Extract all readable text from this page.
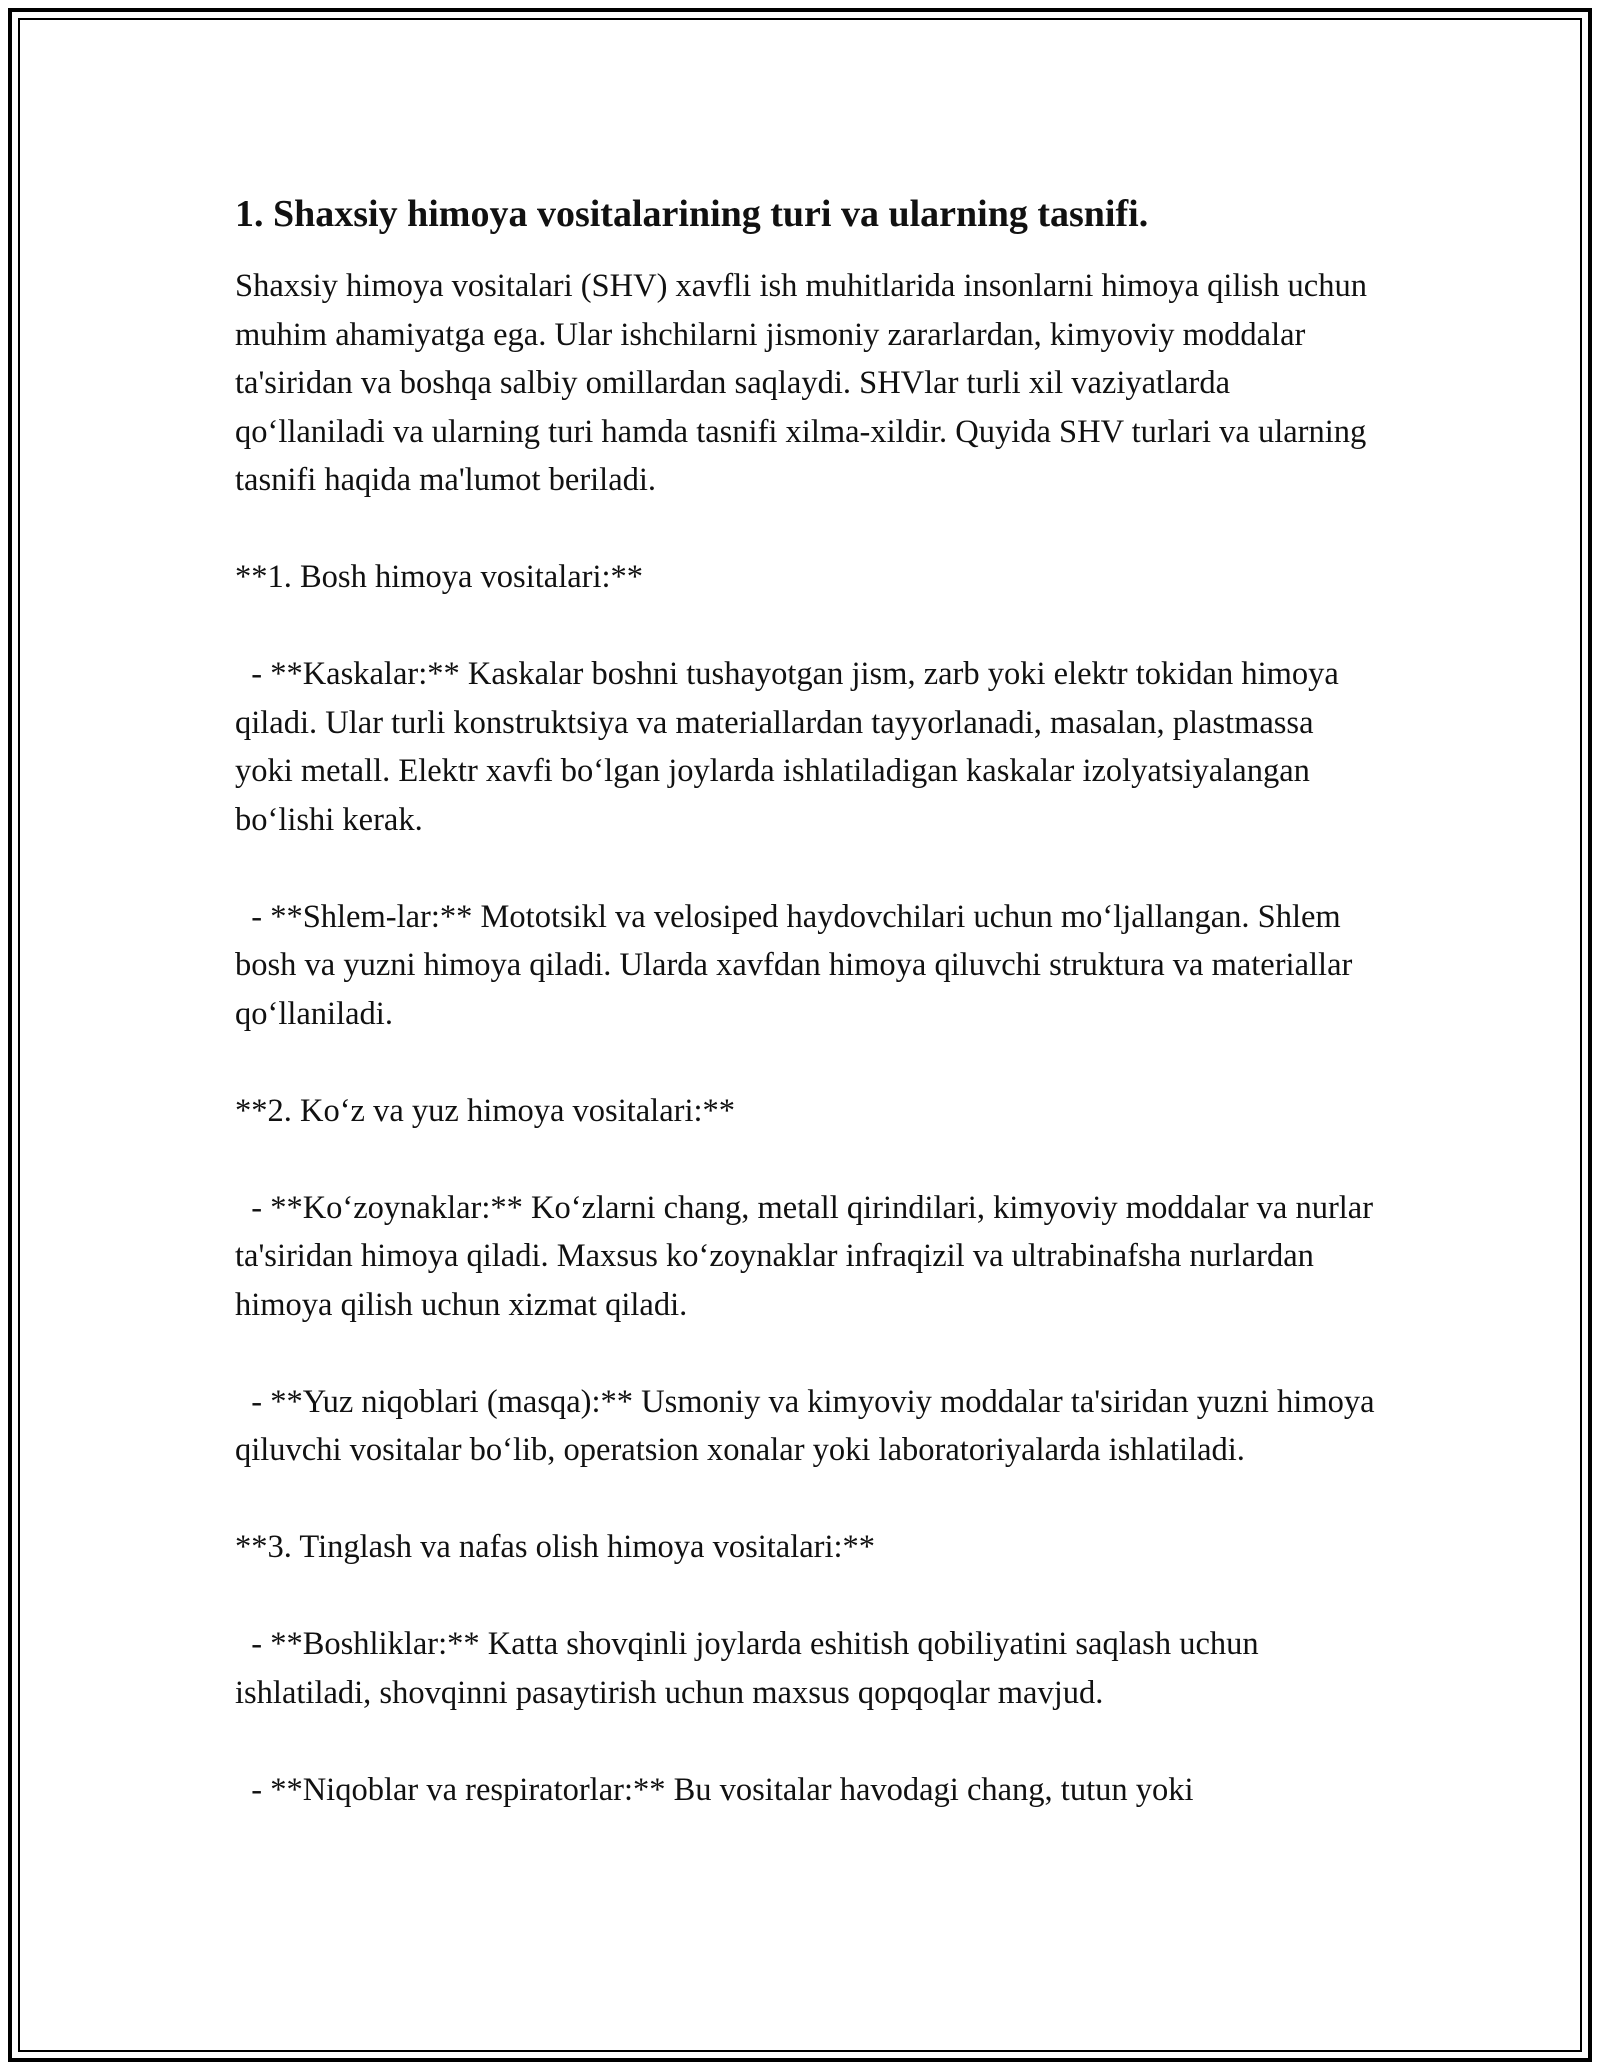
1. Shaxsiy himoya vositalarining turi va ularning tasnifi.

Shaxsiy himoya vositalari (SHV) xavfli ish muhitlarida insonlarni himoya qilish uchun muhim ahamiyatga ega. Ular ishchilarni jismoniy zararlardan, kimyoviy moddalar ta'siridan va boshqa salbiy omillardan saqlaydi. SHVlar turli xil vaziyatlarda qo‘llaniladi va ularning turi hamda tasnifi xilma-xildir. Quyida SHV turlari va ularning tasnifi haqida ma'lumot beriladi.

**1. Bosh himoya vositalari:**

- **Kaskalar:** Kaskalar boshni tushayotgan jism, zarb yoki elektr tokidan himoya qiladi. Ular turli konstruktsiya va materiallardan tayyorlanadi, masalan, plastmassa yoki metall. Elektr xavfi bo‘lgan joylarda ishlatiladigan kaskalar izolyatsiyalangan bo‘lishi kerak.

- **Shlem-lar:** Mototsikl va velosiped haydovchilari uchun mo‘ljallangan. Shlem bosh va yuzni himoya qiladi. Ularda xavfdan himoya qiluvchi struktura va materiallar qo‘llaniladi.

**2. Ko‘z va yuz himoya vositalari:**

- **Ko‘zoynaklar:** Ko‘zlarni chang, metall qirindilari, kimyoviy moddalar va nurlar ta'siridan himoya qiladi. Maxsus ko‘zoynaklar infraqizil va ultrabinafsha nurlardan himoya qilish uchun xizmat qiladi.

- **Yuz niqoblari (masqa):** Usmoniy va kimyoviy moddalar ta'siridan yuzni himoya qiluvchi vositalar bo‘lib, operatsion xonalar yoki laboratoriyalarda ishlatiladi.

**3. Tinglash va nafas olish himoya vositalari:**

- **Boshliklar:** Katta shovqinli joylarda eshitish qobiliyatini saqlash uchun ishlatiladi, shovqinni pasaytirish uchun maxsus qopqoqlar mavjud.

- **Niqoblar va respiratorlar:** Bu vositalar havodagi chang, tutun yoki
